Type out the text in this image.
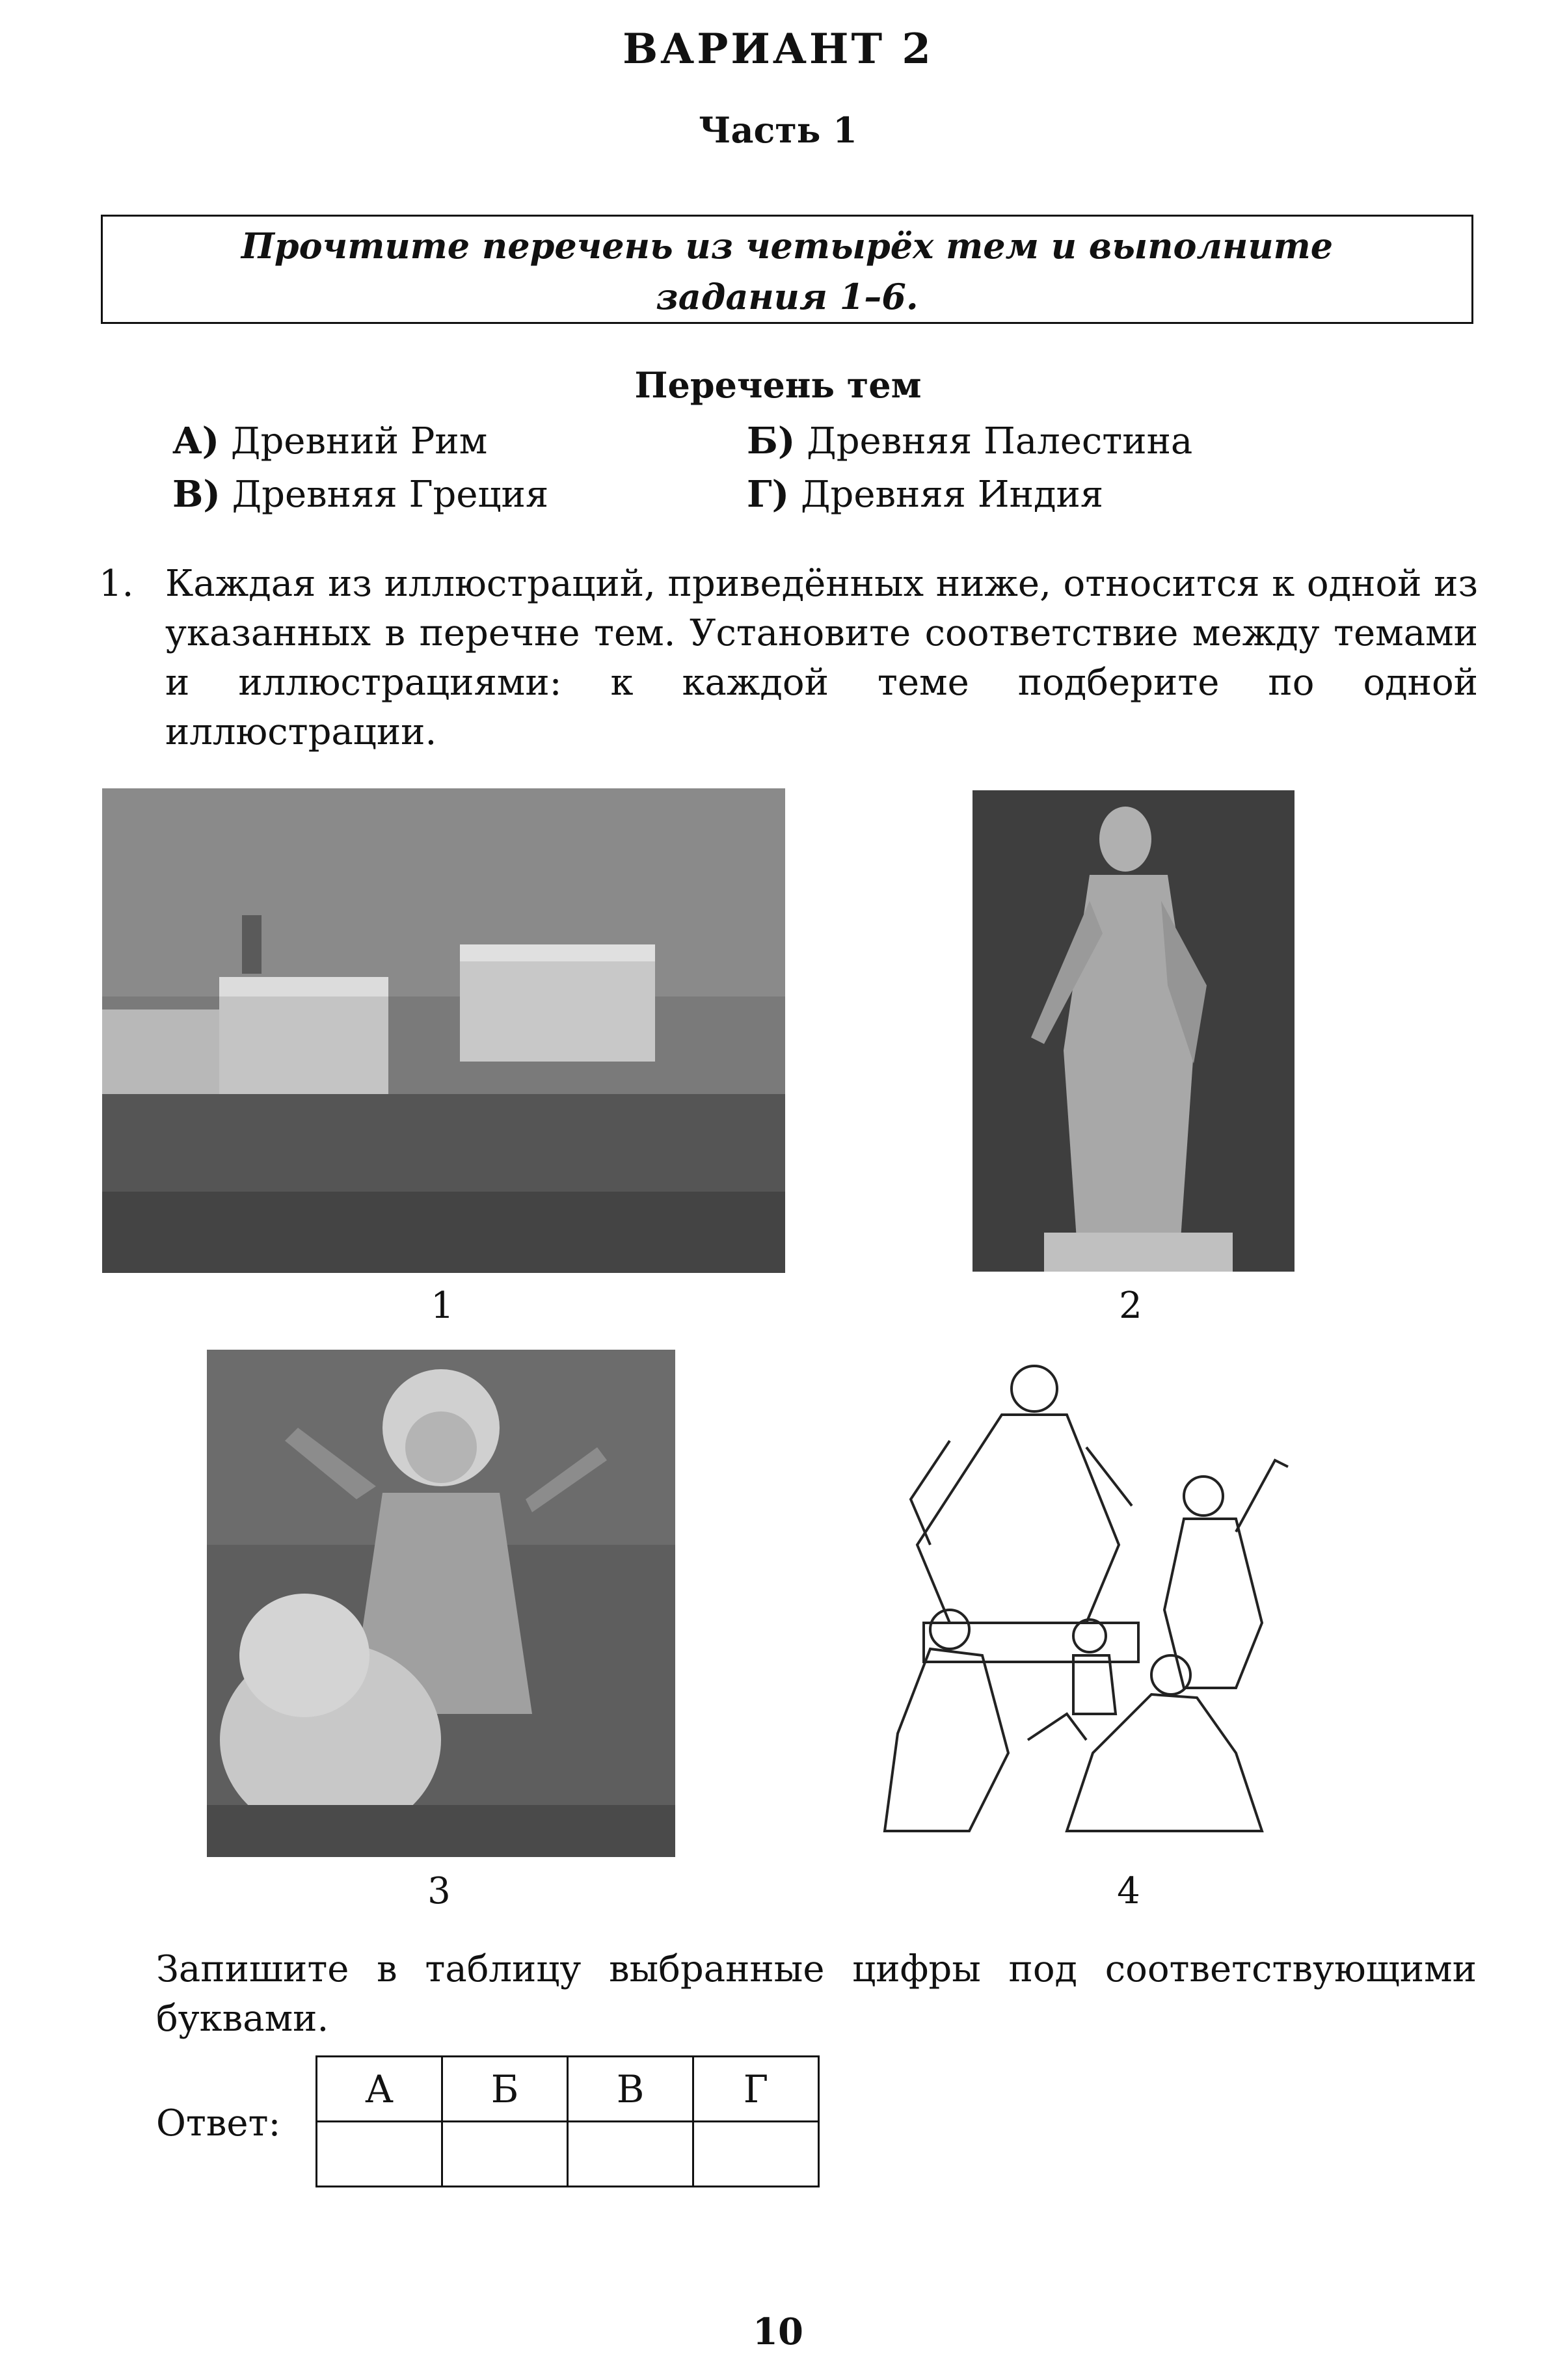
ВАРИАНТ 2
Часть 1
Прочтите перечень из четырёх тем и выполните
задания 1–6.
Перечень тем
А) Древний Рим	Б) Древняя Палестина
В) Древняя Греция	Г) Древняя Индия
1. Каждая из иллюстраций, приведённых ниже, относится к одной из указанных в перечне тем. Установите соответствие между темами и иллюстрациями: к каждой теме подберите по одной иллюстрации.
1	2
3	4
Запишите в таблицу выбранные цифры под соответствующими буквами.
Ответ:
А	Б	В	Г

10
